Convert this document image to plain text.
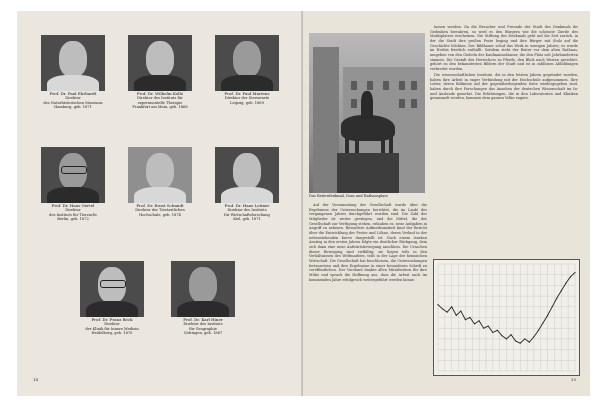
Prof. Dr. Paul Ehrhardt
Direktor
des Naturhistorischen Museums
Hamburg, geb. 1871
Prof. Dr. Wilhelm Kolle
Direktor des Instituts für
experimentelle Therapie
Frankfurt am Main, geb. 1868
Prof. Dr. Paul Martens
Direktor der Sternwarte
Leipzig, geb. 1869
Prof. Dr. Hans Oertel
Direktor
des Instituts für Tierzucht
Berlin, geb. 1872
Prof. Dr. Ernst Schmidt
Direktor der Tierärztlichen
Hochschule, geb. 1874
Prof. Dr. Hans Leitner
Direktor des Instituts
für Wirtschaftsforschung
Kiel, geb. 1871
Prof. Dr. Franz Beck
Direktor
der Klinik für Innere Medizin
Heidelberg, geb. 1870
Prof. Dr. Karl Hiner
Direktor des Instituts
für Geographie
Göttingen, geb. 1867
14
Das Reiterdenkmal, Dom und Rathausplatz

lassen worden. Da die Besucher und Freunde der Stadt des Denkmals ihr Gedenken bewahren, so wird es den Bürgern wie die schönste Zierde des Marktplatzes erscheinen. Die Stiftung des Denkmals geht auf die Zeit zurück, in der die Stadt ihre großen Feste beging und ihre Bürger mit Stolz auf die Geschichte blickten. Der Bildhauer schuf das Werk in wenigen Jahren; es wurde im Herbst feierlich enthüllt. Seitdem steht der Reiter vor dem alten Rathaus, umgeben von den Giebeln der Kaufmannshäuser, die den Platz seit Jahrhunderten säumen. Die Gestalt des Herrschers zu Pferde, den Blick nach Westen gerichtet, gehört zu den bekanntesten Bildern der Stadt und ist in zahllosen Abbildungen verbreitet worden.

Die wissenschaftlichen Institute, die in den letzten Jahren gegründet wurden, haben ihre Arbeit in enger Verbindung mit der Hochschule aufgenommen. Ihre Leiter, deren Bildnisse auf der gegenüberliegenden Seite wiedergegeben sind, haben durch ihre Forschungen das Ansehen der deutschen Wissenschaft im In- und Auslande gemehrt. Die Erfahrungen, die in den Laboratorien und Kliniken gesammelt werden, kommen dem ganzen Volke zugute.

Auf der Versammlung der Gesellschaft wurde über die Ergebnisse der Untersuchungen berichtet, die im Laufe des vergangenen Jahres durchgeführt worden sind. Die Zahl der Mitglieder ist weiter gestiegen, und die Mittel, die der Gesellschaft zur Verfügung stehen, erlauben es, neue Aufgaben in Angriff zu nehmen. Besondere Aufmerksamkeit fand der Bericht über die Entwicklung der Preise und Löhne, deren Verlauf in der nebenstehenden Kurve dargestellt ist. Nach einem starken Anstieg in den ersten Jahren folgte ein deutlicher Rückgang, dem sich dann eine neue Aufwärtsbewegung anschloss. Die Ursachen dieser Bewegung sind vielfältig; sie liegen teils in den Verhältnissen des Weltmarktes, teils in der Lage der heimischen Wirtschaft. Die Gesellschaft hat beschlossen, die Untersuchungen fortzusetzen und ihre Ergebnisse in einer besonderen Schrift zu veröffentlichen. Der Vorstand dankte allen Mitarbeitern für ihre Mühe und sprach die Hoffnung aus, dass die Arbeit auch im kommenden Jahre erfolgreich weitergeführt werden könne.

15
